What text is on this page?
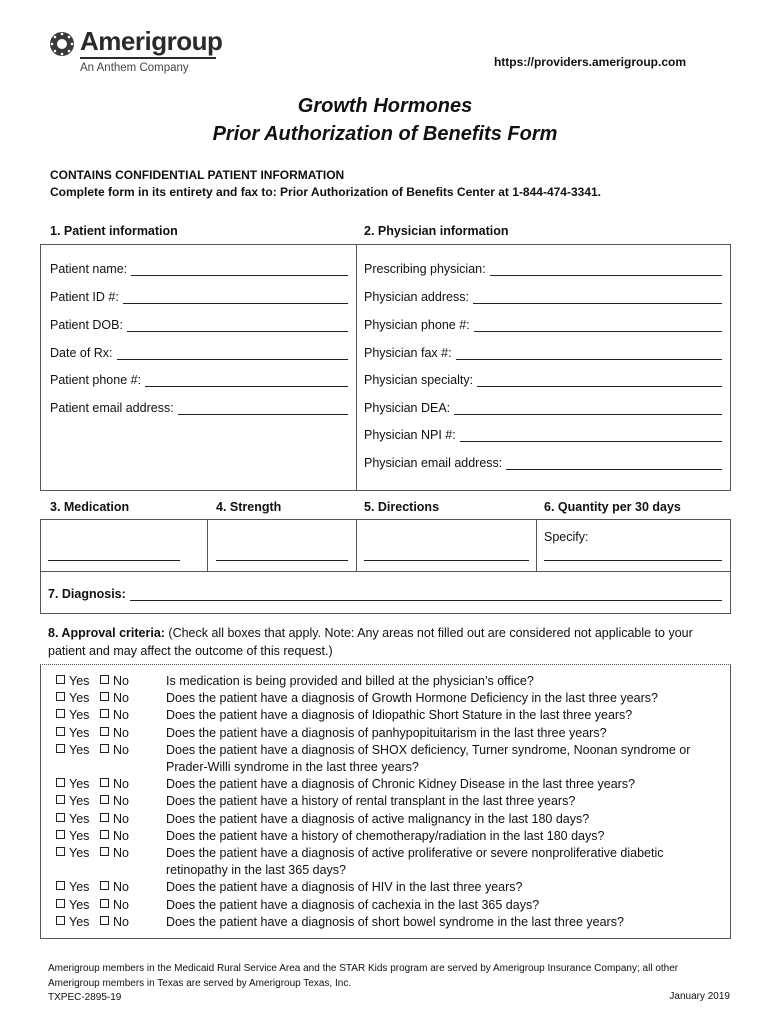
Amerigroup
An Anthem Company	https://providers.amerigroup.com
Growth Hormones
Prior Authorization of Benefits Form
CONTAINS CONFIDENTIAL PATIENT INFORMATION
Complete form in its entirety and fax to: Prior Authorization of Benefits Center at 1-844-474-3341.
1. Patient information	2. Physician information
Patient name:
Patient ID #:
Patient DOB:
Date of Rx:
Patient phone #:
Patient email address:
Prescribing physician:
Physician address:
Physician phone #:
Physician fax #:
Physician specialty:
Physician DEA:
Physician NPI #:
Physician email address:
3. Medication	4. Strength	5. Directions	6. Quantity per 30 days
Specify:
7. Diagnosis:
8. Approval criteria: (Check all boxes that apply. Note: Any areas not filled out are considered not applicable to your patient and may affect the outcome of this request.)
Yes	No	Is medication is being provided and billed at the physician’s office?
Yes	No	Does the patient have a diagnosis of Growth Hormone Deficiency in the last three years?
Yes	No	Does the patient have a diagnosis of Idiopathic Short Stature in the last three years?
Yes	No	Does the patient have a diagnosis of panhypopituitarism in the last three years?
Yes	No	Does the patient have a diagnosis of SHOX deficiency, Turner syndrome, Noonan syndrome or Prader-Willi syndrome in the last three years?
Yes	No	Does the patient have a diagnosis of Chronic Kidney Disease in the last three years?
Yes	No	Does the patient have a history of rental transplant in the last three years?
Yes	No	Does the patient have a diagnosis of active malignancy in the last 180 days?
Yes	No	Does the patient have a history of chemotherapy/radiation in the last 180 days?
Yes	No	Does the patient have a diagnosis of active proliferative or severe nonproliferative diabetic retinopathy in the last 365 days?
Yes	No	Does the patient have a diagnosis of HIV in the last three years?
Yes	No	Does the patient have a diagnosis of cachexia in the last 365 days?
Yes	No	Does the patient have a diagnosis of short bowel syndrome in the last three years?
Amerigroup members in the Medicaid Rural Service Area and the STAR Kids program are served by Amerigroup Insurance Company; all other Amerigroup members in Texas are served by Amerigroup Texas, Inc.
TXPEC-2895-19	January 2019
